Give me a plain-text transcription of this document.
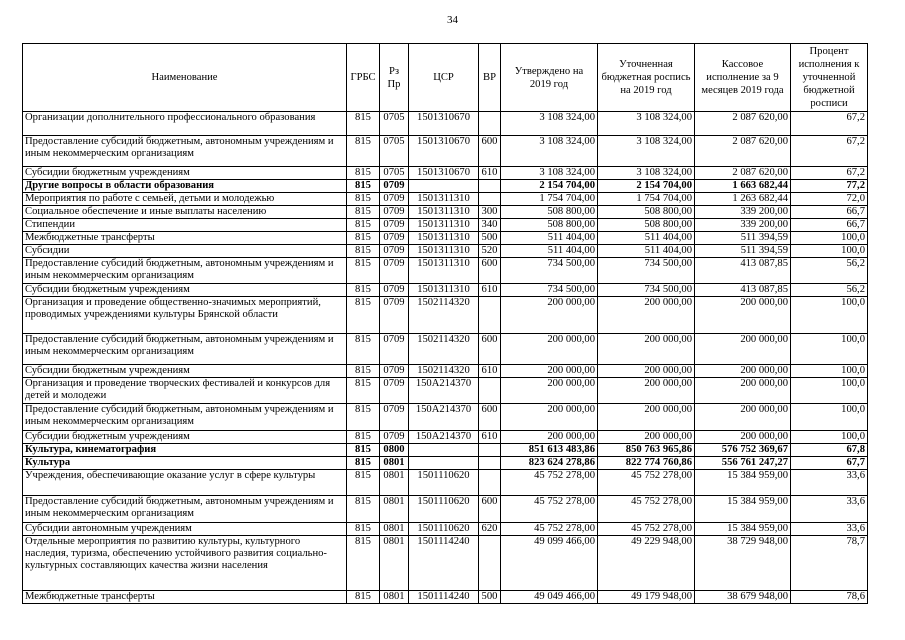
34
Наименование	ГРБС	Рз Пр	ЦСР	ВР	Утверждено на 2019 год	Уточненная бюджетная роспись на 2019 год	Кассовое исполнение за 9 месяцев 2019 года	Процент исполнения к уточненной бюджетной росписи
Организации дополнительного профессионального образования	815	0705	1501310670		3 108 324,00	3 108 324,00	2 087 620,00	67,2
Предоставление субсидий бюджетным, автономным учреждениям и иным некоммерческим организациям	815	0705	1501310670	600	3 108 324,00	3 108 324,00	2 087 620,00	67,2
Субсидии бюджетным учреждениям	815	0705	1501310670	610	3 108 324,00	3 108 324,00	2 087 620,00	67,2
Другие вопросы в области образования	815	0709			2 154 704,00	2 154 704,00	1 663 682,44	77,2
Мероприятия по работе с семьей, детьми и молодежью	815	0709	1501311310		1 754 704,00	1 754 704,00	1 263 682,44	72,0
Социальное обеспечение и иные выплаты населению	815	0709	1501311310	300	508 800,00	508 800,00	339 200,00	66,7
Стипендии	815	0709	1501311310	340	508 800,00	508 800,00	339 200,00	66,7
Межбюджетные трансферты	815	0709	1501311310	500	511 404,00	511 404,00	511 394,59	100,0
Субсидии	815	0709	1501311310	520	511 404,00	511 404,00	511 394,59	100,0
Предоставление субсидий бюджетным, автономным учреждениям и иным некоммерческим организациям	815	0709	1501311310	600	734 500,00	734 500,00	413 087,85	56,2
Субсидии бюджетным учреждениям	815	0709	1501311310	610	734 500,00	734 500,00	413 087,85	56,2
Организация и проведение общественно-значимых мероприятий, проводимых учреждениями культуры Брянской области	815	0709	1502114320		200 000,00	200 000,00	200 000,00	100,0
Предоставление субсидий бюджетным, автономным учреждениям и иным некоммерческим организациям	815	0709	1502114320	600	200 000,00	200 000,00	200 000,00	100,0
Субсидии бюджетным учреждениям	815	0709	1502114320	610	200 000,00	200 000,00	200 000,00	100,0
Организация и проведение творческих фестивалей и конкурсов для детей и молодежи	815	0709	150А214370		200 000,00	200 000,00	200 000,00	100,0
Предоставление субсидий бюджетным, автономным учреждениям и иным некоммерческим организациям	815	0709	150А214370	600	200 000,00	200 000,00	200 000,00	100,0
Субсидии бюджетным учреждениям	815	0709	150А214370	610	200 000,00	200 000,00	200 000,00	100,0
Культура, кинематография	815	0800			851 613 483,86	850 763 965,86	576 752 369,67	67,8
Культура	815	0801			823 624 278,86	822 774 760,86	556 761 247,27	67,7
Учреждения, обеспечивающие оказание услуг в сфере культуры	815	0801	1501110620		45 752 278,00	45 752 278,00	15 384 959,00	33,6
Предоставление субсидий бюджетным, автономным учреждениям и иным некоммерческим организациям	815	0801	1501110620	600	45 752 278,00	45 752 278,00	15 384 959,00	33,6
Субсидии автономным учреждениям	815	0801	1501110620	620	45 752 278,00	45 752 278,00	15 384 959,00	33,6
Отдельные мероприятия по развитию культуры, культурного наследия, туризма, обеспечению устойчивого развития социально-культурных составляющих качества жизни населения	815	0801	1501114240		49 099 466,00	49 229 948,00	38 729 948,00	78,7
Межбюджетные трансферты	815	0801	1501114240	500	49 049 466,00	49 179 948,00	38 679 948,00	78,6
